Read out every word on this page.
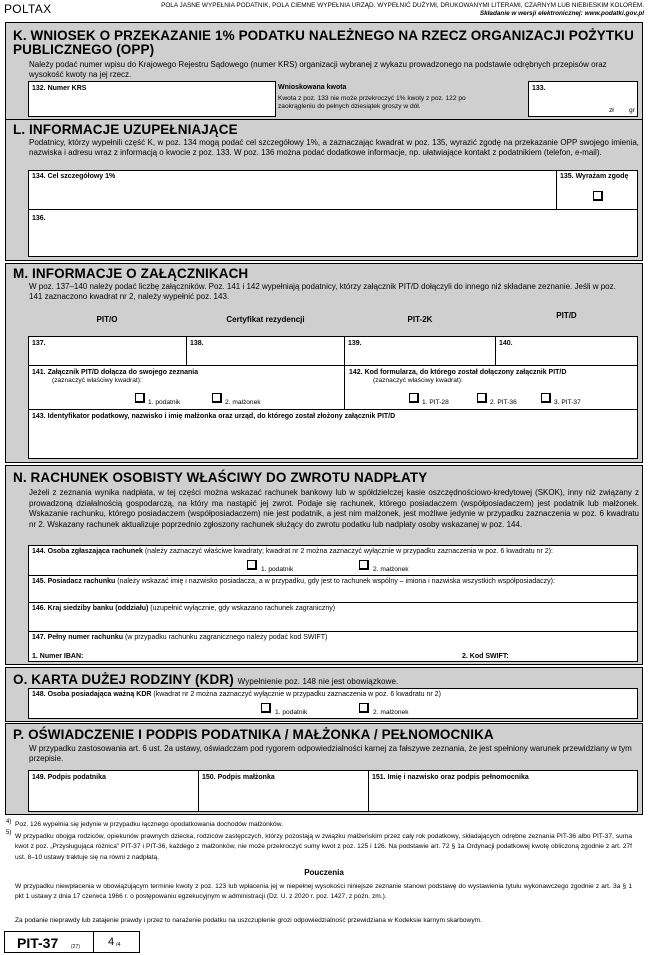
POLTAX	POLA JASNE WYPEŁNIA PODATNIK, POLA CIEMNE WYPEŁNIA URZĄD. WYPEŁNIĆ DUŻYMI, DRUKOWANYMI LITERAMI, CZARNYM LUB NIEBIESKIM KOLOREM.
Składanie w wersji elektronicznej: www.podatki.gov.pl
K. WNIOSEK O PRZEKAZANIE 1% PODATKU NALEŻNEGO NA RZECZ ORGANIZACJI POŻYTKU PUBLICZNEGO (OPP)
Należy podać numer wpisu do Krajowego Rejestru Sądowego (numer KRS) organizacji wybranej z wykazu prowadzonego na podstawie odrębnych przepisów oraz wysokość kwoty na jej rzecz.
132. Numer KRS	Wnioskowana kwota
Kwota z poz. 133 nie może przekroczyć 1% kwoty z poz. 122 po zaokrągleniu do pełnych dziesiątek groszy w dół.
133.
zł gr
L. INFORMACJE UZUPEŁNIAJĄCE
Podatnicy, którzy wypełnili część K, w poz. 134 mogą podać cel szczegółowy 1%, a zaznaczając kwadrat w poz. 135, wyrazić zgodę na przekazanie OPP swojego imienia, nazwiska i adresu wraz z informacją o kwocie z poz. 133. W poz. 136 można podać dodatkowe informacje, np. ułatwiające kontakt z podatnikiem (telefon, e-mail).
134. Cel szczegółowy 1%	135. Wyrażam zgodę
136.
M. INFORMACJE O ZAŁĄCZNIKACH
W poz. 137–140 należy podać liczbę załączników. Poz. 141 i 142 wypełniają podatnicy, którzy załącznik PIT/D dołączyli do innego niż składane zeznanie. Jeśli w poz. 141 zaznaczono kwadrat nr 2, należy wypełnić poz. 143.
PIT/O	Certyfikat rezydencji	PIT-2K	PIT/D
137.	138.	139.	140.
141. Załącznik PIT/D dołącza do swojego zeznania
(zaznaczyć właściwy kwadrat):
1. podatnik	2. małżonek
142. Kod formularza, do którego został dołączony załącznik PIT/D
(zaznaczyć właściwy kwadrat):
1. PIT-28	2. PIT-36	3. PIT-37
143. Identyfikator podatkowy, nazwisko i imię małżonka oraz urząd, do którego został złożony załącznik PIT/D
N. RACHUNEK OSOBISTY WŁAŚCIWY DO ZWROTU NADPŁATY
Jeżeli z zeznania wynika nadpłata, w tej części można wskazać rachunek bankowy lub w spółdzielczej kasie oszczędnościowo-kredytowej (SKOK), inny niż związany z prowadzoną działalnością gospodarczą, na który ma nastąpić jej zwrot. Podaje się rachunek, którego posiadaczem (współposiadaczem) jest podatnik lub małżonek. Wskazanie rachunku, którego posiadaczem (współposiadaczem) nie jest podatnik, a jest nim małżonek, jest możliwe jedynie w przypadku zaznaczenia w poz. 6 kwadratu nr 2. Wskazany rachunek aktualizuje poprzednio zgłoszony rachunek służący do zwrotu podatku lub nadpłaty osoby wskazanej w poz. 144.
144. Osoba zgłaszająca rachunek (należy zaznaczyć właściwe kwadraty; kwadrat nr 2 można zaznaczyć wyłącznie w przypadku zaznaczenia w poz. 6 kwadratu nr 2):
1. podatnik	2. małżonek
145. Posiadacz rachunku (należy wskazać imię i nazwisko posiadacza, a w przypadku, gdy jest to rachunek wspólny – imiona i nazwiska wszystkich współposiadaczy):
146. Kraj siedziby banku (oddziału) (uzupełnić wyłącznie, gdy wskazano rachunek zagraniczny)
147. Pełny numer rachunku (w przypadku rachunku zagranicznego należy podać kod SWIFT)
1. Numer IBAN:	2. Kod SWIFT:
O. KARTA DUŻEJ RODZINY (KDR) Wypełnienie poz. 148 nie jest obowiązkowe.
148. Osoba posiadająca ważną KDR (kwadrat nr 2 można zaznaczyć wyłącznie w przypadku zaznaczenia w poz. 6 kwadratu nr 2)
1. podatnik	2. małżonek
P. OŚWIADCZENIE I PODPIS PODATNIKA / MAŁŻONKA / PEŁNOMOCNIKA
W przypadku zastosowania art. 6 ust. 2a ustawy, oświadczam pod rygorem odpowiedzialności karnej za fałszywe zeznania, że jest spełniony warunek przewidziany w tym przepisie.
149. Podpis podatnika	150. Podpis małżonka	151. Imię i nazwisko oraz podpis pełnomocnika
4) Poz. 126 wypełnia się jedynie w przypadku łącznego opodatkowania dochodów małżonków.
5) W przypadku obojga rodziców, opiekunów prawnych dziecka, rodziców zastępczych, którzy pozostają w związku małżeńskim przez cały rok podatkowy, składających odrębne zeznania PIT-36 albo PIT-37, suma kwot z poz. „Przysługująca różnica” PIT-37 i PIT-36, każdego z małżonków, nie może przekroczyć sumy kwot z poz. 125 i 126. Na podstawie art. 72 § 1a Ordynacji podatkowej kwotę obliczoną zgodnie z art. 27f ust. 8–10 ustawy traktuje się na równi z nadpłatą.
Pouczenia
W przypadku niewpłacenia w obowiązującym terminie kwoty z poz. 123 lub wpłacenia jej w niepełnej wysokości niniejsze zeznanie stanowi podstawę do wystawienia tytułu wykonawczego zgodnie z art. 3a § 1 pkt 1 ustawy z dnia 17 czerwca 1966 r. o postępowaniu egzekucyjnym w administracji (Dz. U. z 2020 r. poz. 1427, z późn. zm.).
Za podanie nieprawdy lub zatajenie prawdy i przez to narażenie podatku na uszczuplenie grozi odpowiedzialność przewidziana w Kodeksie karnym skarbowym.
PIT-37	(27)	4 /4
